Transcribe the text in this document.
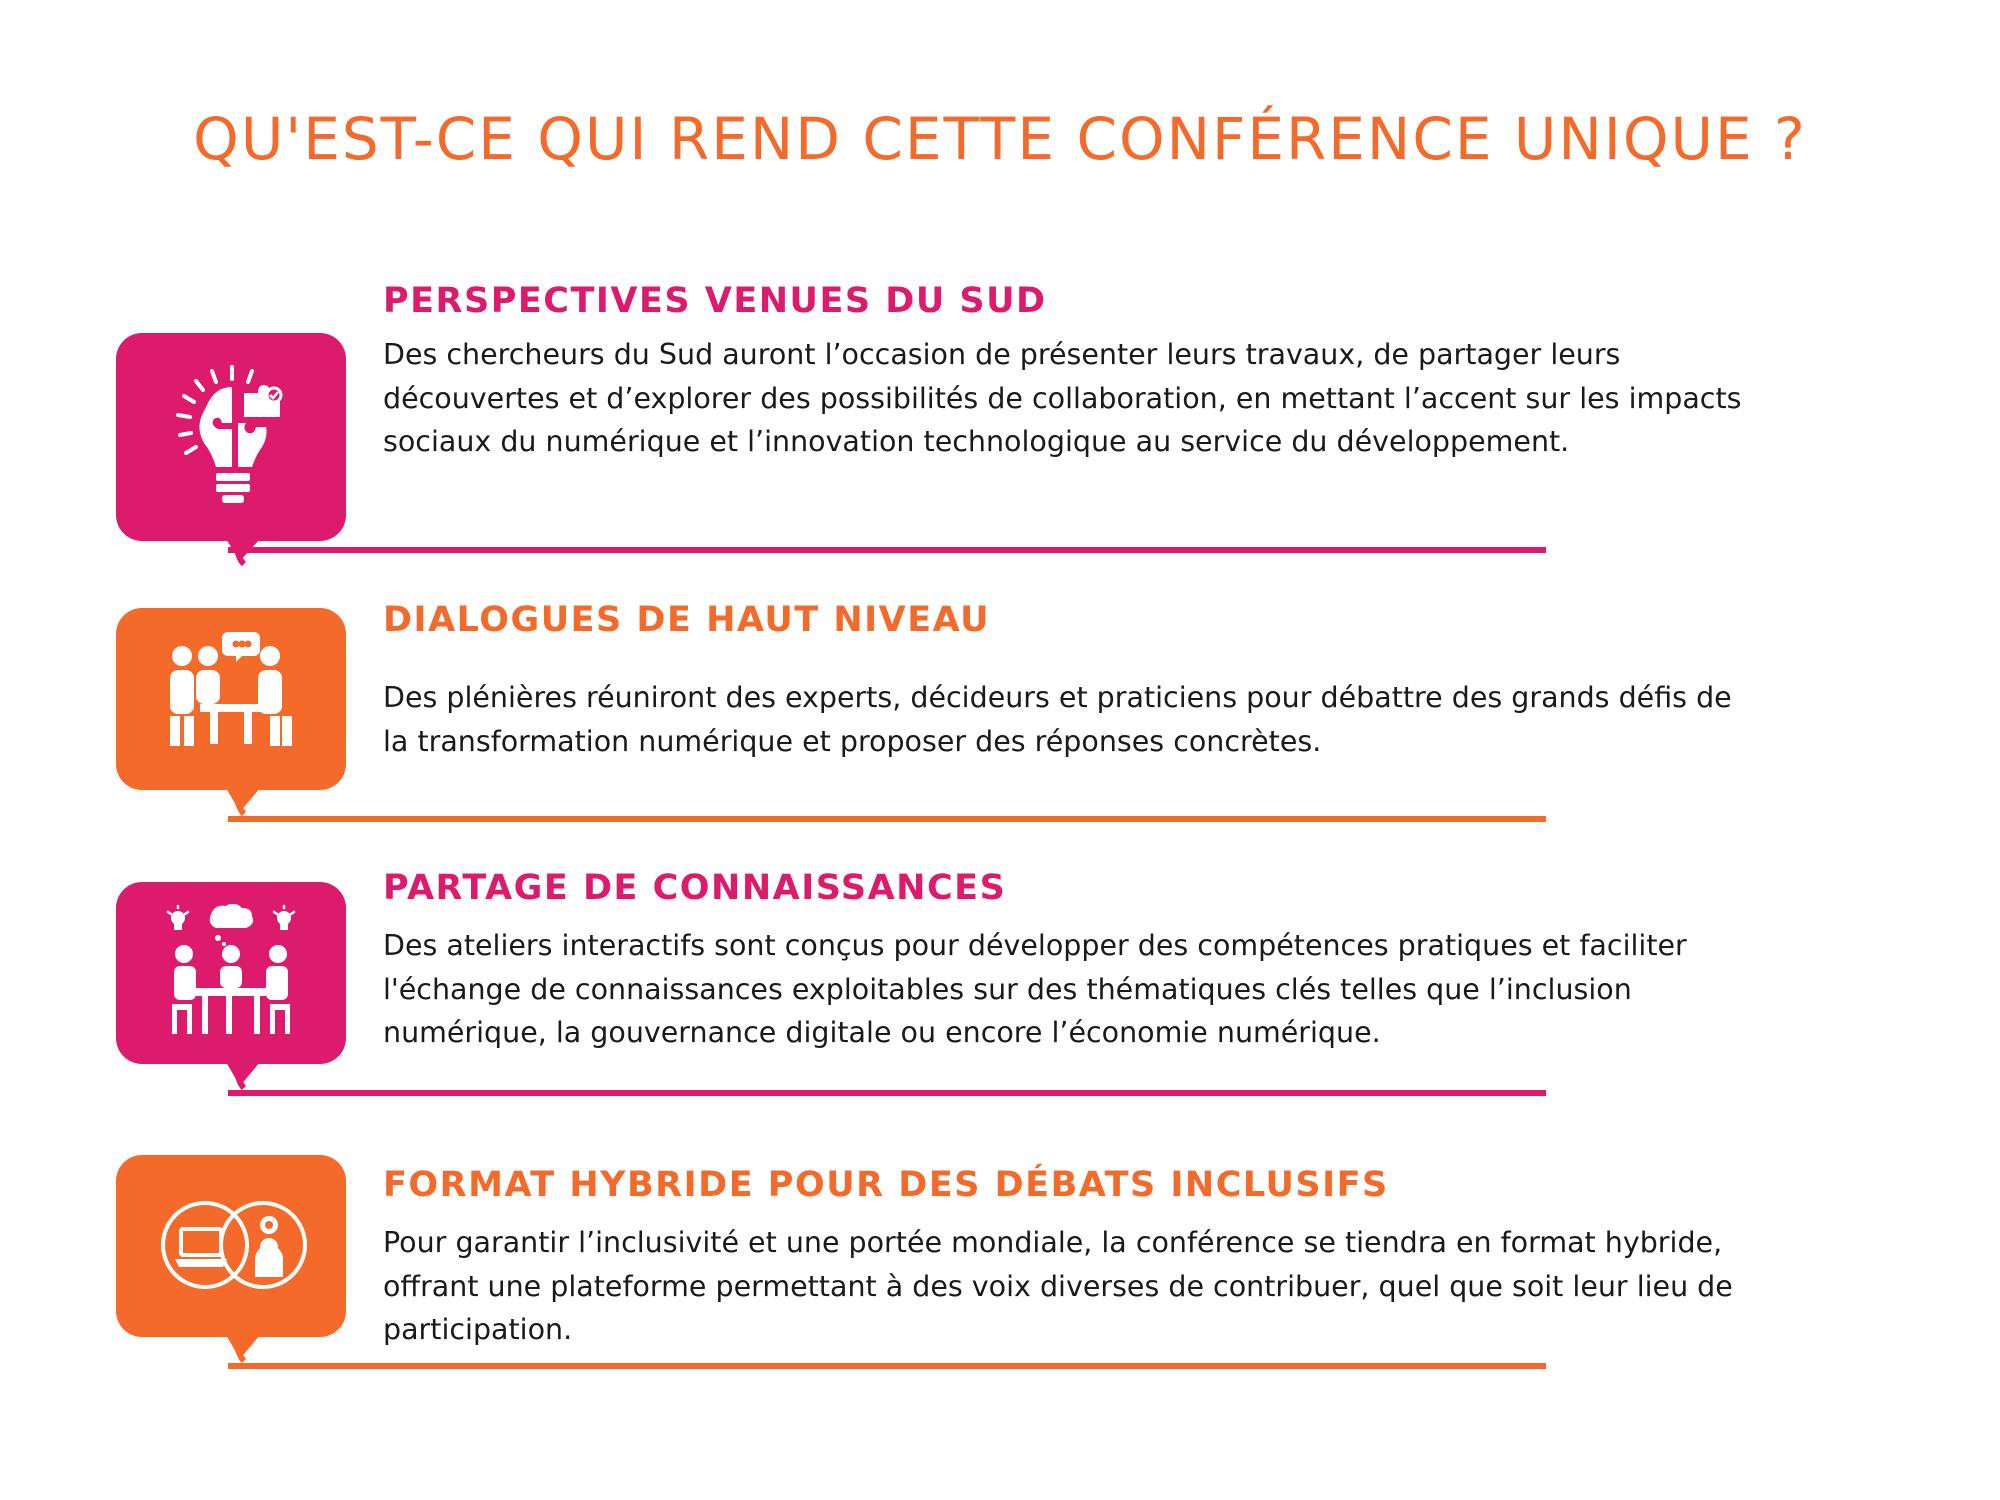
QU'EST-CE QUI REND CETTE CONFÉRENCE UNIQUE ?
PERSPECTIVES VENUES DU SUD

Des chercheurs du Sud auront l’occasion de présenter leurs travaux, de partager leurs découvertes et d’explorer des possibilités de collaboration, en mettant l’accent sur les impacts sociaux du numérique et l’innovation technologique au service du développement.

DIALOGUES DE HAUT NIVEAU

Des plénières réuniront des experts, décideurs et praticiens pour débattre des grands défis de la transformation numérique et proposer des réponses concrètes.

PARTAGE DE CONNAISSANCES

Des ateliers interactifs sont conçus pour développer des compétences pratiques et faciliter l'échange de connaissances exploitables sur des thématiques clés telles que l’inclusion numérique, la gouvernance digitale ou encore l’économie numérique.

FORMAT HYBRIDE POUR DES DÉBATS INCLUSIFS

Pour garantir l’inclusivité et une portée mondiale, la conférence se tiendra en format hybride, offrant une plateforme permettant à des voix diverses de contribuer, quel que soit leur lieu de participation.
